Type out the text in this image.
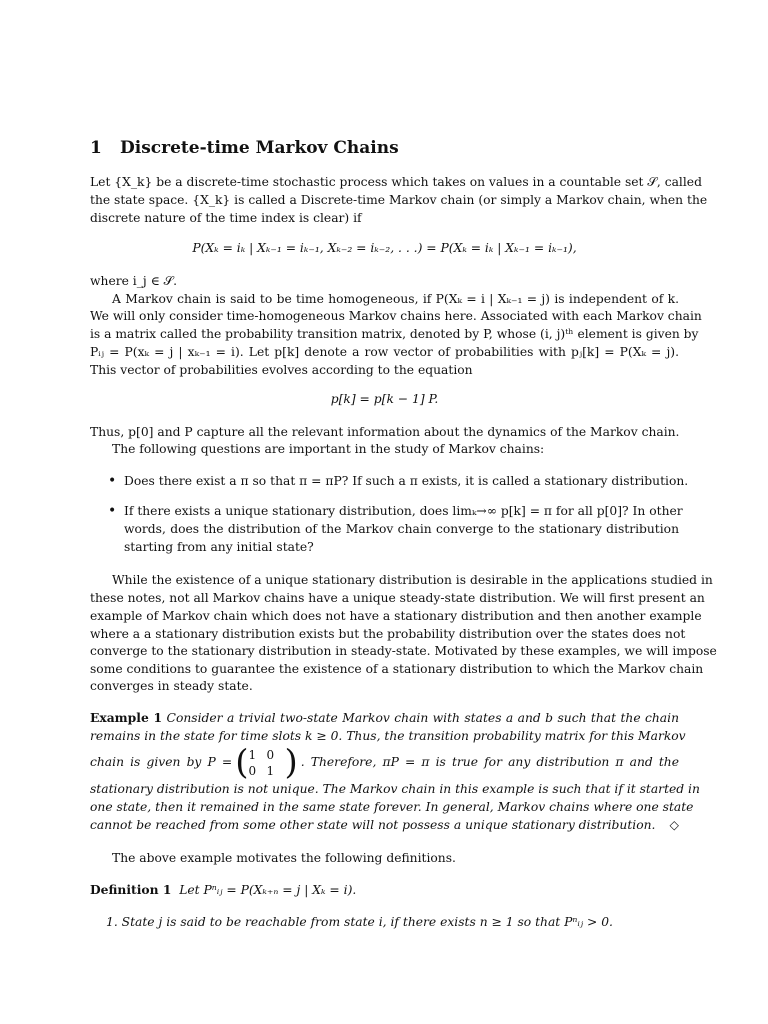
1 Discrete-time Markov Chains
Let {X_k} be a discrete-time stochastic process which takes on values in a countable set 𝒮, called
the state space. {X_k} is called a Discrete-time Markov chain (or simply a Markov chain, when the
discrete nature of the time index is clear) if
P(Xₖ = iₖ | Xₖ₋₁ = iₖ₋₁, Xₖ₋₂ = iₖ₋₂, . . .) = P(Xₖ = iₖ | Xₖ₋₁ = iₖ₋₁),
where i_j ∈ 𝒮.
A Markov chain is said to be time homogeneous, if P(Xₖ = i | Xₖ₋₁ = j) is independent of k.
We will only consider time-homogeneous Markov chains here. Associated with each Markov chain
is a matrix called the probability transition matrix, denoted by P, whose (i, j)ᵗʰ element is given by
Pᵢⱼ = P(xₖ = j | xₖ₋₁ = i). Let p[k] denote a row vector of probabilities with pⱼ[k] = P(Xₖ = j).
This vector of probabilities evolves according to the equation
p[k] = p[k − 1] P.
Thus, p[0] and P capture all the relevant information about the dynamics of the Markov chain.
The following questions are important in the study of Markov chains:
• Does there exist a π so that π = πP? If such a π exists, it is called a stationary distribution.
• If there exists a unique stationary distribution, does limₖ→∞ p[k] = π for all p[0]? In other
words, does the distribution of the Markov chain converge to the stationary distribution
starting from any initial state?
While the existence of a unique stationary distribution is desirable in the applications studied in
these notes, not all Markov chains have a unique steady-state distribution. We will first present an
example of Markov chain which does not have a stationary distribution and then another example
where a a stationary distribution exists but the probability distribution over the states does not
converge to the stationary distribution in steady-state. Motivated by these examples, we will impose
some conditions to guarantee the existence of a stationary distribution to which the Markov chain
converges in steady state.
Example 1 Consider a trivial two-state Markov chain with states a and b such that the chain
remains in the state for time slots k ≥ 0. Thus, the transition probability matrix for this Markov
chain is given by P =( 1 0
0 1 ) . Therefore, πP = π is true for any distribution π and the
stationary distribution is not unique. The Markov chain in this example is such that if it started in
one state, then it remained in the same state forever. In general, Markov chains where one state
cannot be reached from some other state will not possess a unique stationary distribution. ◇
The above example motivates the following definitions.
Definition 1 Let Pⁿᵢⱼ = P(Xₖ₊ₙ = j | Xₖ = i).
1. State j is said to be reachable from state i, if there exists n ≥ 1 so that Pⁿᵢⱼ > 0.
